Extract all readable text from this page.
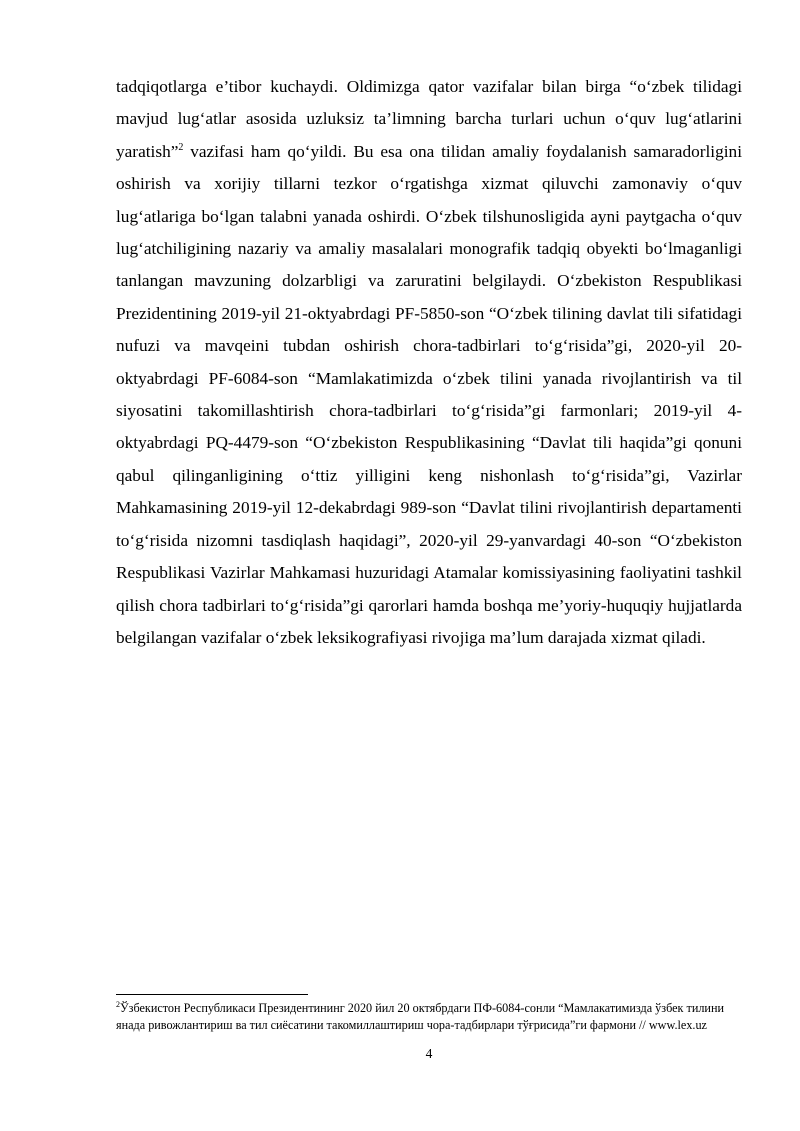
tadqiqotlarga e’tibor kuchaydi. Oldimizga qator vazifalar bilan birga “o‘zbek tilidagi mavjud lug‘atlar asosida uzluksiz ta’limning barcha turlari uchun o‘quv lug‘atlarini yaratish”$^2$ vazifasi ham qo‘yildi. Bu esa ona tilidan amaliy foydalanish samaradorligini oshirish va xorijiy tillarni tezkor o‘rgatishga xizmat qiluvchi zamonaviy o‘quv lug‘atlariga bo‘lgan talabni yanada oshirdi. O‘zbek tilshunosligida ayni paytgacha o‘quv lug‘atchiligining nazariy va amaliy masalalari monografik tadqiq obyekti bo‘lmaganligi tanlangan mavzuning dolzarbligi va zaruratini belgilaydi. O‘zbekiston Respublikasi Prezidentining 2019-yil 21-oktyabrdagi PF-5850-son “O‘zbek tilining davlat tili sifatidagi nufuzi va mavqeini tubdan oshirish chora-tadbirlari to‘g‘risida”gi, 2020-yil 20-oktyabrdagi PF-6084-son “Mamlakatimizda o‘zbek tilini yanada rivojlantirish va til siyosatini takomillashtirish chora-tadbirlari to‘g‘risida”gi farmonlari; 2019-yil 4-oktyabrdagi PQ-4479-son “O‘zbekiston Respublikasining “Davlat tili haqida”gi qonuni qabul qilinganligining o‘ttiz yilligini keng nishonlash to‘g‘risida”gi, Vazirlar Mahkamasining 2019-yil 12-dekabrdagi 989-son “Davlat tilini rivojlantirish departamenti to‘g‘risida nizomni tasdiqlash haqidagi”, 2020-yil 29-yanvardagi 40-son “O‘zbekiston Respublikasi Vazirlar Mahkamasi huzuridagi Atamalar komissiyasining faoliyatini tashkil qilish chora tadbirlari to‘g‘risida”gi qarorlari hamda boshqa me’yoriy-huquqiy hujjatlarda belgilangan vazifalar o‘zbek leksikografiyasi rivojiga ma’lum darajada xizmat qiladi.

$^2$Ўзбекистон Республикаси Президентининг 2020 йил 20 октябрдаги ПФ-6084-сонли “Мамлакатимизда ўзбек тилини янада ривожлантириш ва тил сиёсатини такомиллаштириш чора-тадбирлари тўғрисида”ги фармони // www.lex.uz

4
